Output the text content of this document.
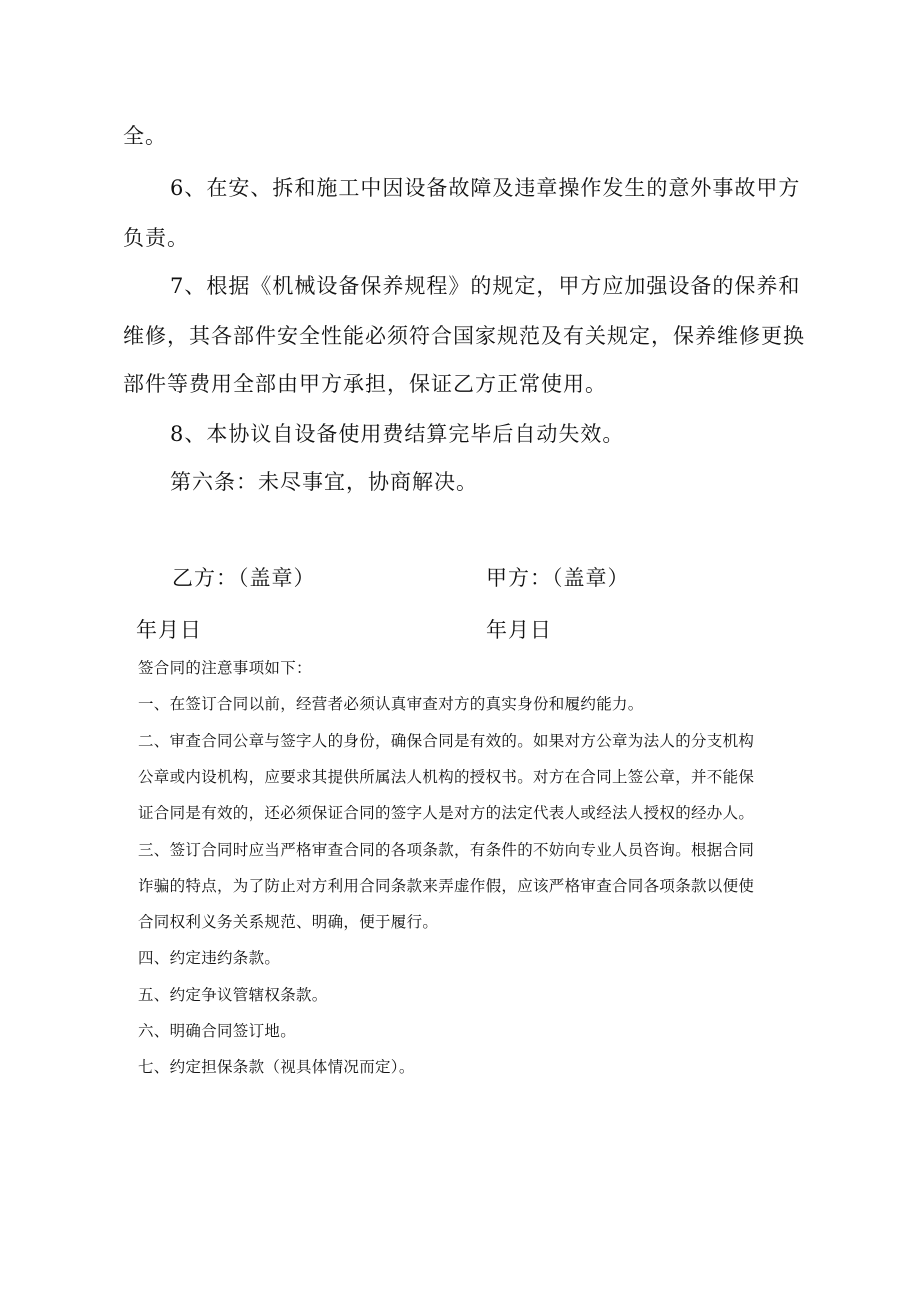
全。
6、在安、拆和施工中因设备故障及违章操作发生的意外事故甲方
负责。
7、根据《机械设备保养规程》的规定，甲方应加强设备的保养和
维修，其各部件安全性能必须符合国家规范及有关规定，保养维修更换
部件等费用全部由甲方承担，保证乙方正常使用。
8、本协议自设备使用费结算完毕后自动失效。
第六条：未尽事宜，协商解决。
乙方：（盖章）	甲方：（盖章）
年月日	年月日
签合同的注意事项如下：
一、在签订合同以前，经营者必须认真审查对方的真实身份和履约能力。
二、审查合同公章与签字人的身份，确保合同是有效的。如果对方公章为法人的分支机构
公章或内设机构，应要求其提供所属法人机构的授权书。对方在合同上签公章，并不能保
证合同是有效的，还必须保证合同的签字人是对方的法定代表人或经法人授权的经办人。
三、签订合同时应当严格审查合同的各项条款，有条件的不妨向专业人员咨询。根据合同
诈骗的特点，为了防止对方利用合同条款来弄虚作假，应该严格审查合同各项条款以便使
合同权利义务关系规范、明确，便于履行。
四、约定违约条款。
五、约定争议管辖权条款。
六、明确合同签订地。
七、约定担保条款（视具体情况而定）。
